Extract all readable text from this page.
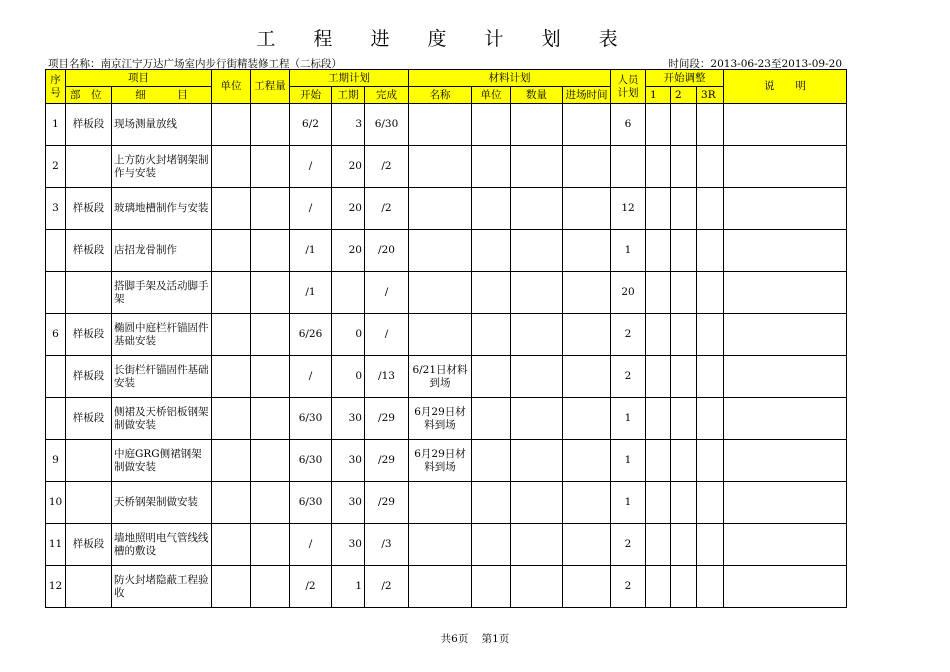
工 程 进 度 计 划 表
项目名称：南京江宁万达广场室内步行街精装修工程（二标段）	时间段：2013-06-23至2013-09-20
序
号	项目		单位	工程量	工期计划			材料计划				人员
计划	开始调整			说　　明
	部　位	细　　　目			开始	工期	完成	名称	单位	数量	进场时间		1	2	3R	
1	样板段	现场测量放线			6/2	3	6/30					6				
2		上方防火封堵钢架制作与安装			/	20	/2									
3	样板段	玻璃地槽制作与安装			/	20	/2					12				
	样板段	店招龙骨制作			/1	20	/20					1				
		搭脚手架及活动脚手架			/1		/					20				
6	样板段	椭圆中庭栏杆锚固件基础安装			6/26	0	/					2				
	样板段	长街栏杆锚固件基础安装			/	0	/13	6/21日材料到场				2				
	样板段	侧裙及天桥铝板钢架制做安装			6/30	30	/29	6月29日材料到场				1				
9		中庭GRG侧裙钢架制做安装			6/30	30	/29	6月29日材料到场				1				
10		天桥钢架制做安装			6/30	30	/29					1				
11	样板段	墙地照明电气管线线槽的敷设			/	30	/3					2				
12		防火封堵隐蔽工程验收			/2	1	/2					2				
共6页 第1页
